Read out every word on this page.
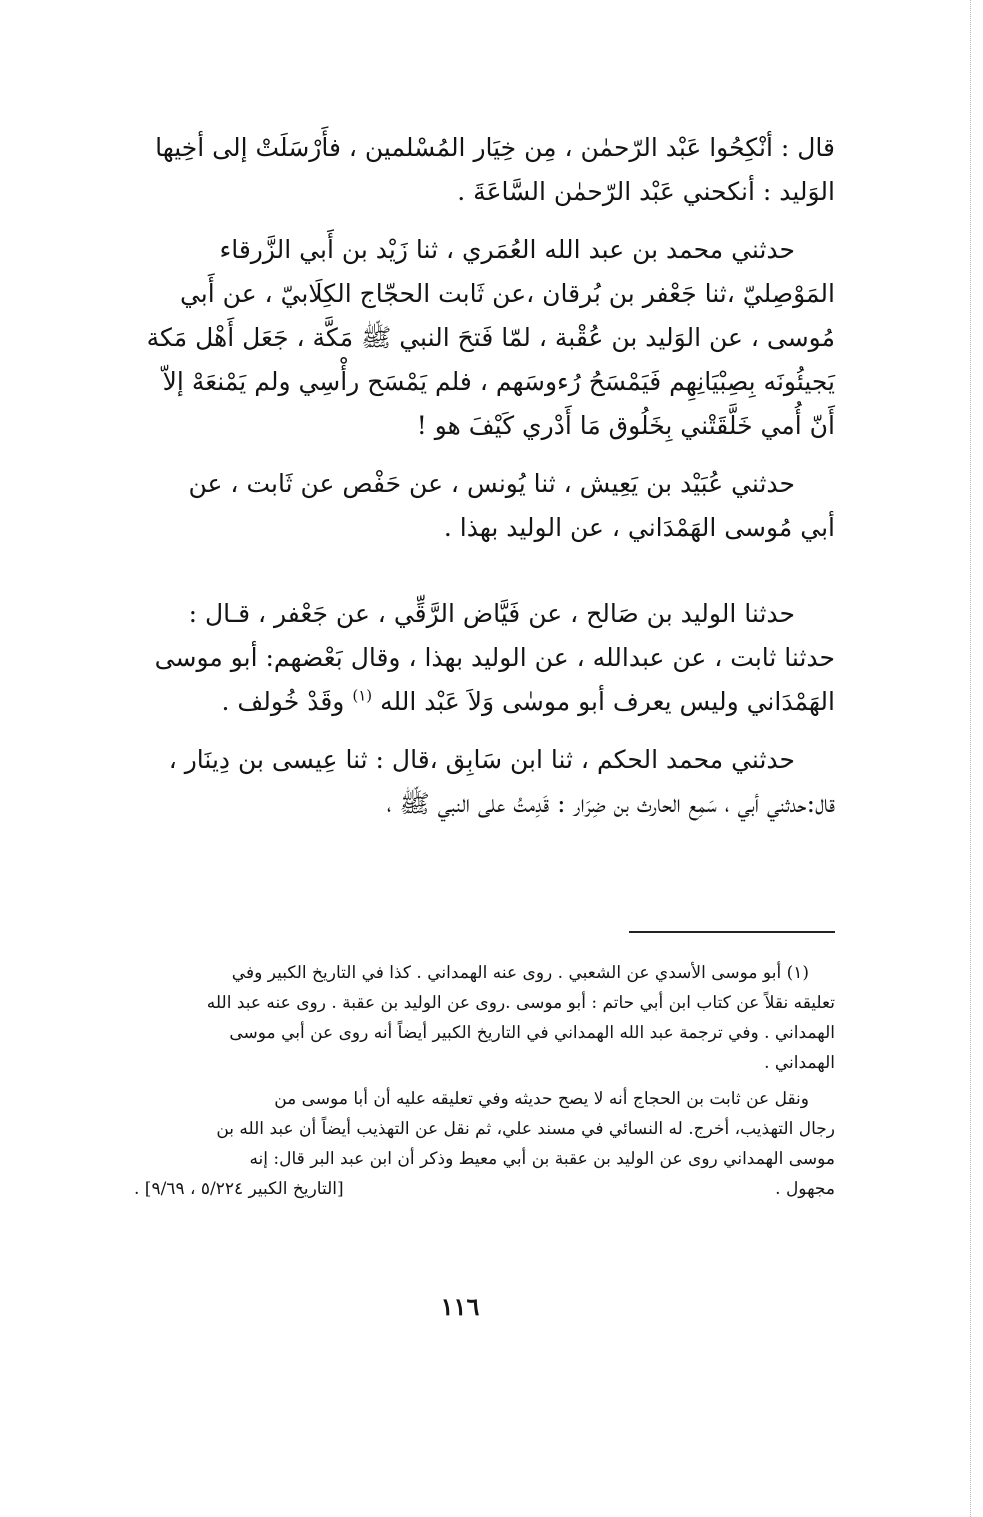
قال : أنْكِحُوا عَبْد الرّحمٰن ، مِن خِيَار المُسْلمين ، فأَرْسَلَتْ إلى أخِيها
الوَليد : أنكحني عَبْد الرّحمٰن السَّاعَةَ .

حدثني محمد بن عبد الله العُمَري ، ثنا زَيْد بن أَبي الزَّرقاء
المَوْصِليّ ،ثنا جَعْفر بن بُرقان ،عن ثَابت الحجّاج الكِلَابيّ ، عن أَبي
مُوسى ، عن الوَليد بن عُقْبة ، لمّا فَتحَ النبي ﷺ مَكَّة ، جَعَل أَهْل مَكة
يَجيئُونَه بِصِبْيَانِهِم فَيَمْسَحُ رُءوسَهم ، فلم يَمْسَح رأْسِي ولم يَمْنعَهْ إلاّ
أَنّ أُمي خَلَّقَتْني بِخَلُوق مَا أَدْري كَيْفَ هو !

حدثني عُبَيْد بن يَعِيش ، ثنا يُونس ، عن حَفْص عن ثَابت ، عن
أبي مُوسى الهَمْدَاني ، عن الوليد بهذا .

حدثنا الوليد بن صَالح ، عن فَيَّاض الرَّقِّي ، عن جَعْفر ، قـال :
حدثنا ثابت ، عن عبدالله ، عن الوليد بهذا ، وقال بَعْضهم: أبو موسى
الهَمْدَاني وليس يعرف أبو موسٰى وَلاَ عَبْد الله $^{(١)}$ وقَدْ خُولف .

حدثني محمد الحكم ، ثنا ابن سَابِق ،قال : ثنا عِيسى بن دِينَار ،
قال:حدثني أبي ، سَمِع الحارث بن ضِرَار : قَدِمتُ على النبي ﷺ ،

(١) أبو موسى الأسدي عن الشعبي . روى عنه الهمداني . كذا في التاريخ الكبير وفي
تعليقه نقلاً عن كتاب ابن أبي حاتم : أبو موسى .روى عن الوليد بن عقبة . روى عنه عبد الله
الهمداني . وفي ترجمة عبد الله الهمداني في التاريخ الكبير أيضاً أنه روى عن أبي موسى
الهمداني .

ونقل عن ثابت بن الحجاج أنه لا يصح حديثه وفي تعليقه عليه أن أبا موسى من
رجال التهذيب، أخرج. له النسائي في مسند علي، ثم نقل عن التهذيب أيضاً أن عبد الله بن
موسى الهمداني روى عن الوليد بن عقبة بن أبي معيط وذكر أن ابن عبد البر قال: إنه

مجهول .
[التاريخ الكبير ٥/٢٢٤ ، ٩/٦٩] .
١١٦
